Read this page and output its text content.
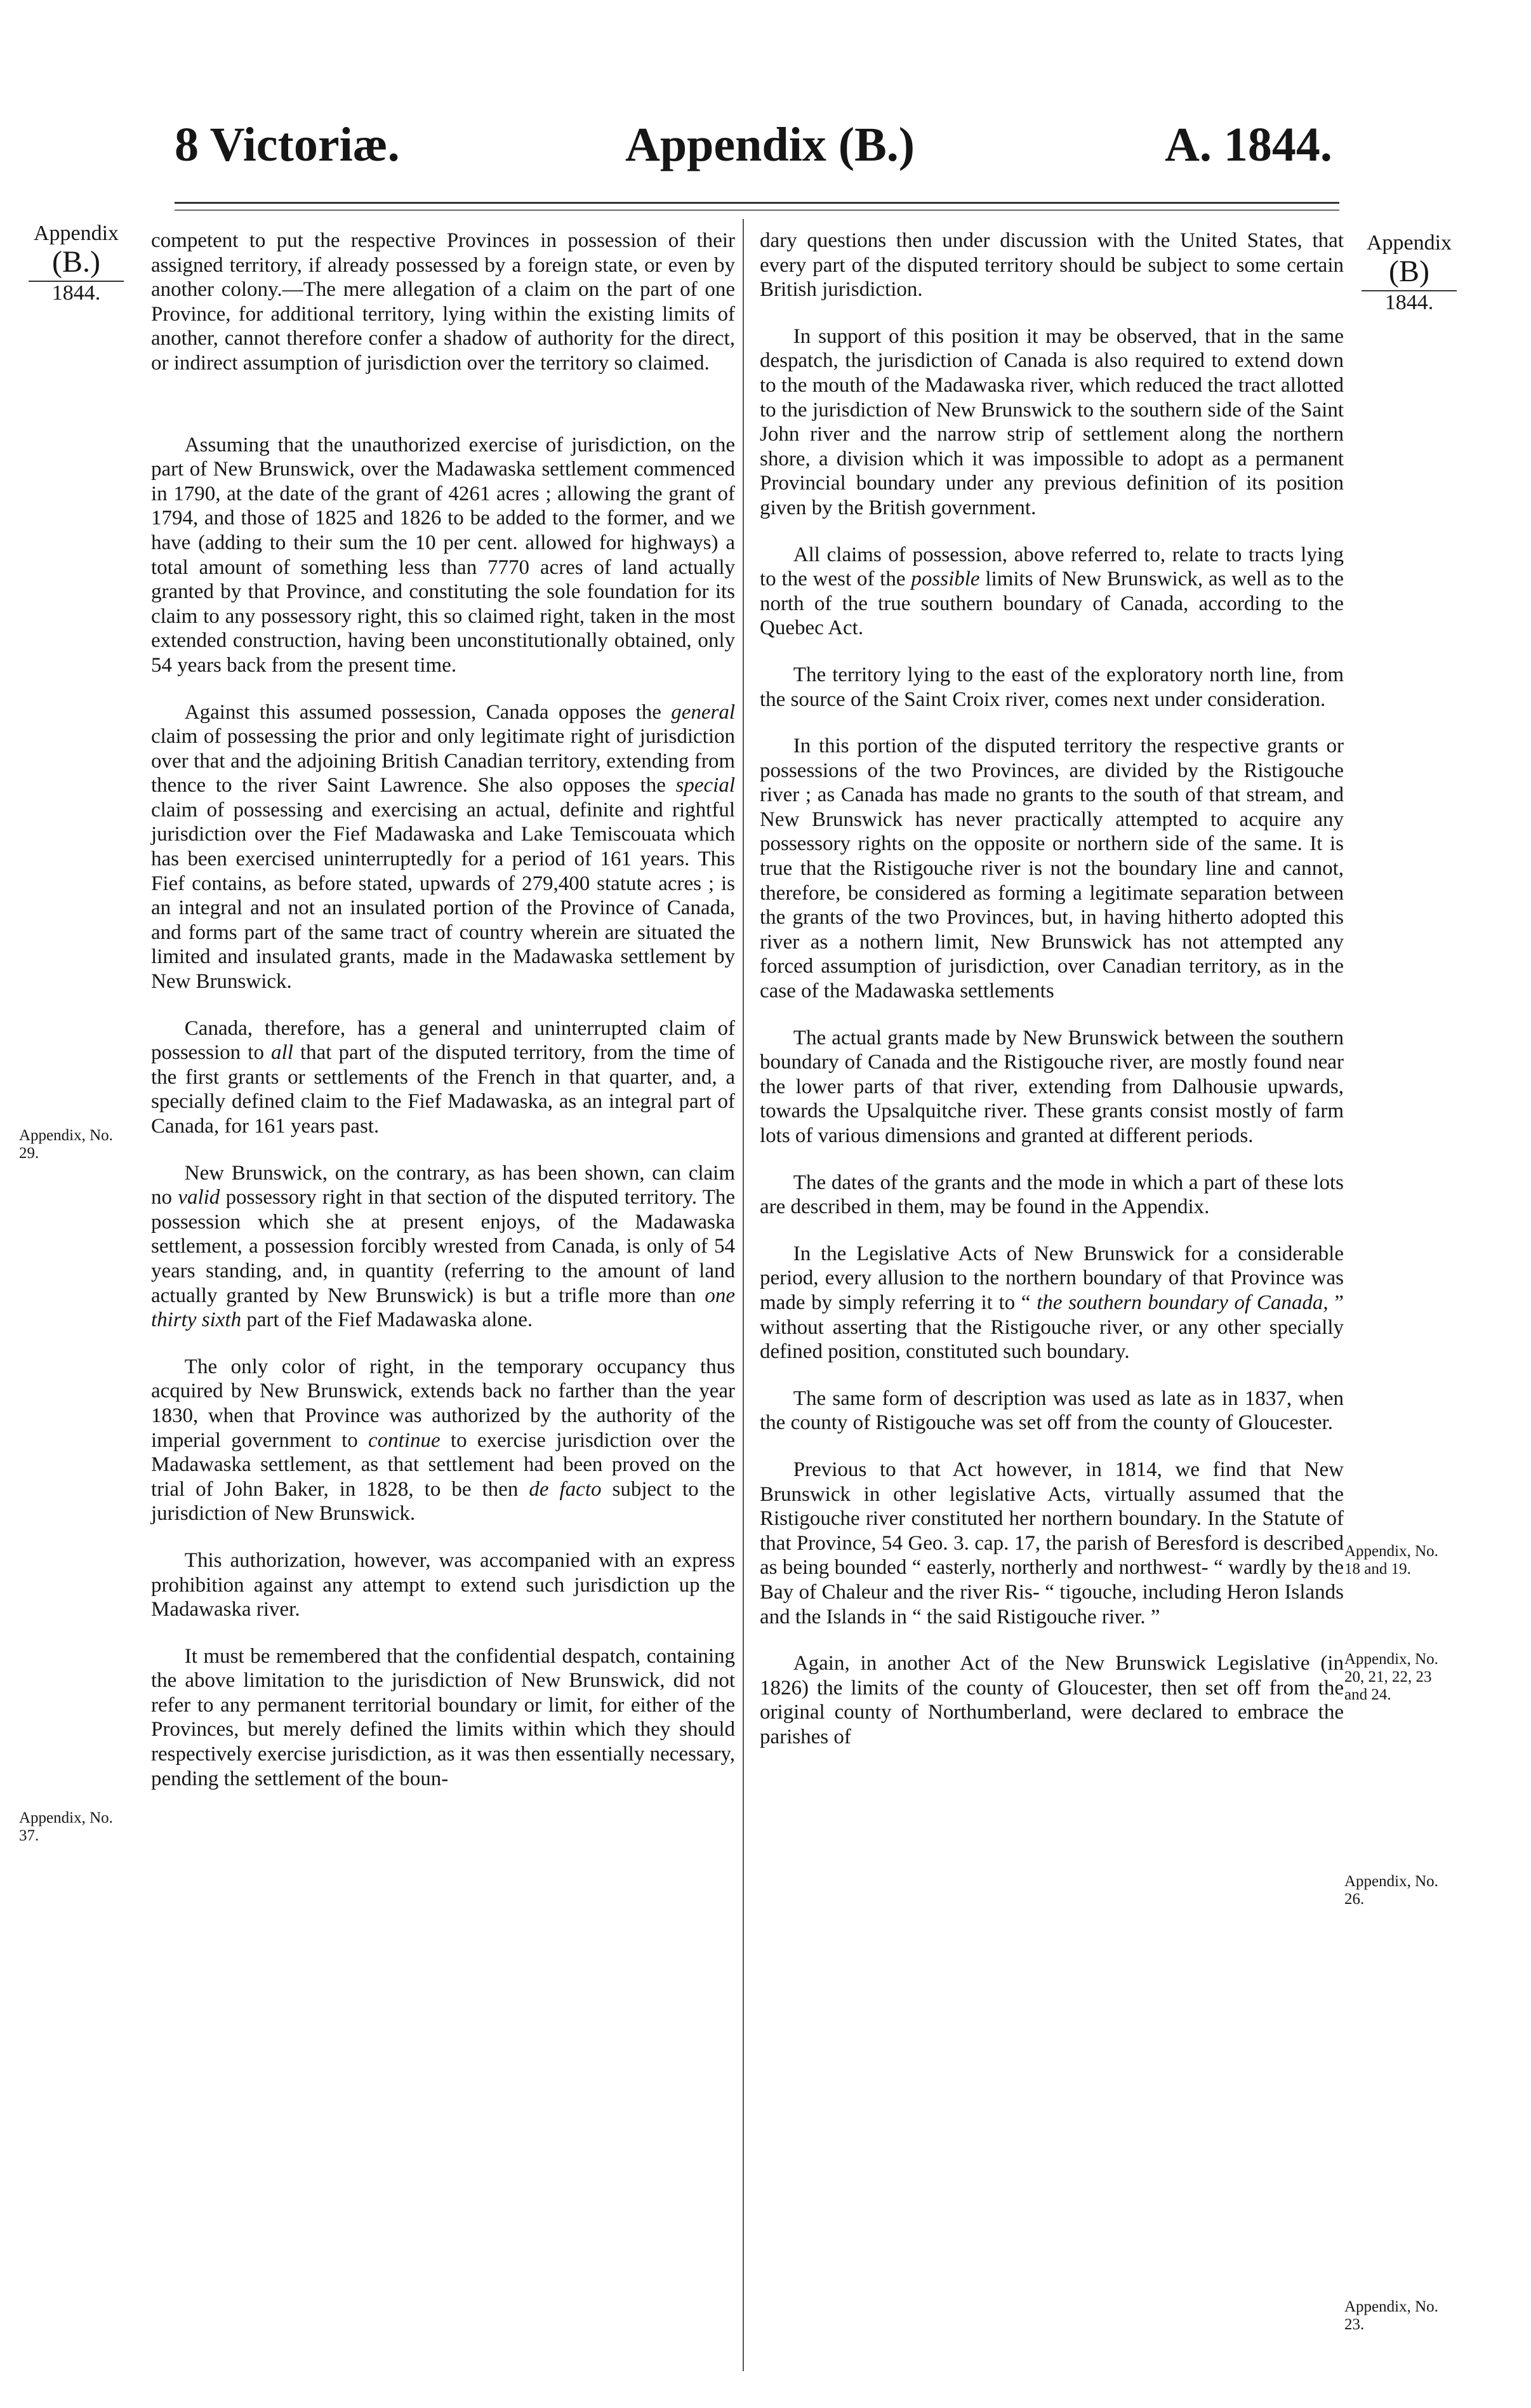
8 Victoriæ.	Appendix (B.)	A. 1844.
Appendix
(B.)
1844.
Appendix
(B)
1844.
Appendix, No.
29.
Appendix, No.
37.
Appendix, No.
18 and 19.
Appendix, No.
20, 21, 22, 23
and 24.
Appendix, No.
26.
Appendix, No.
23.

competent to put the respective Provinces in possession of their assigned territory, if already possessed by a foreign state, or even by another colony.—The mere allegation of a claim on the part of one Province, for additional territory, lying within the existing limits of another, cannot therefore confer a shadow of authority for the direct, or indirect assumption of jurisdiction over the territory so claimed.

Assuming that the unauthorized exercise of jurisdiction, on the part of New Brunswick, over the Madawaska settlement commenced in 1790, at the date of the grant of 4261 acres ; allowing the grant of 1794, and those of 1825 and 1826 to be added to the former, and we have (adding to their sum the 10 per cent. allowed for highways) a total amount of something less than 7770 acres of land actually granted by that Province, and constituting the sole foundation for its claim to any possessory right, this so claimed right, taken in the most extended construction, having been unconstitutionally obtained, only 54 years back from the present time.

Against this assumed possession, Canada opposes the general claim of possessing the prior and only legitimate right of jurisdiction over that and the adjoining British Canadian territory, extending from thence to the river Saint Lawrence. She also opposes the special claim of possessing and exercising an actual, definite and rightful jurisdiction over the Fief Madawaska and Lake Temiscouata which has been exercised uninterruptedly for a period of 161 years. This Fief contains, as before stated, upwards of 279,400 statute acres ; is an integral and not an insulated portion of the Province of Canada, and forms part of the same tract of country wherein are situated the limited and insulated grants, made in the Madawaska settlement by New Brunswick.

Canada, therefore, has a general and uninterrupted claim of possession to all that part of the disputed territory, from the time of the first grants or settlements of the French in that quarter, and, a specially defined claim to the Fief Madawaska, as an integral part of Canada, for 161 years past.

New Brunswick, on the contrary, as has been shown, can claim no valid possessory right in that section of the disputed territory. The possession which she at present enjoys, of the Madawaska settlement, a possession forcibly wrested from Canada, is only of 54 years standing, and, in quantity (referring to the amount of land actually granted by New Brunswick) is but a trifle more than one thirty sixth part of the Fief Madawaska alone.

The only color of right, in the temporary occupancy thus acquired by New Brunswick, extends back no farther than the year 1830, when that Province was authorized by the authority of the imperial government to continue to exercise jurisdiction over the Madawaska settlement, as that settlement had been proved on the trial of John Baker, in 1828, to be then de facto subject to the jurisdiction of New Brunswick.

This authorization, however, was accompanied with an express prohibition against any attempt to extend such jurisdiction up the Madawaska river.

It must be remembered that the confidential despatch, containing the above limitation to the jurisdiction of New Brunswick, did not refer to any permanent territorial boundary or limit, for either of the Provinces, but merely defined the limits within which they should respectively exercise jurisdiction, as it was then essentially necessary, pending the settlement of the boun-

dary questions then under discussion with the United States, that every part of the disputed territory should be subject to some certain British jurisdiction.

In support of this position it may be observed, that in the same despatch, the jurisdiction of Canada is also required to extend down to the mouth of the Madawaska river, which reduced the tract allotted to the jurisdiction of New Brunswick to the southern side of the Saint John river and the narrow strip of settlement along the northern shore, a division which it was impossible to adopt as a permanent Provincial boundary under any previous definition of its position given by the British government.

All claims of possession, above referred to, relate to tracts lying to the west of the possible limits of New Brunswick, as well as to the north of the true southern boundary of Canada, according to the Quebec Act.

The territory lying to the east of the exploratory north line, from the source of the Saint Croix river, comes next under consideration.

In this portion of the disputed territory the respective grants or possessions of the two Provinces, are divided by the Ristigouche river ; as Canada has made no grants to the south of that stream, and New Brunswick has never practically attempted to acquire any possessory rights on the opposite or northern side of the same. It is true that the Ristigouche river is not the boundary line and cannot, therefore, be considered as forming a legitimate separation between the grants of the two Provinces, but, in having hitherto adopted this river as a nothern limit, New Brunswick has not attempted any forced assumption of jurisdiction, over Canadian territory, as in the case of the Madawaska settlements

The actual grants made by New Brunswick between the southern boundary of Canada and the Ristigouche river, are mostly found near the lower parts of that river, extending from Dalhousie upwards, towards the Upsalquitche river. These grants consist mostly of farm lots of various dimensions and granted at different periods.

The dates of the grants and the mode in which a part of these lots are described in them, may be found in the Appendix.

In the Legislative Acts of New Brunswick for a considerable period, every allusion to the northern boundary of that Province was made by simply referring it to “ the southern boundary of Canada, ” without asserting that the Ristigouche river, or any other specially defined position, constituted such boundary.

The same form of description was used as late as in 1837, when the county of Ristigouche was set off from the county of Gloucester.

Previous to that Act however, in 1814, we find that New Brunswick in other legislative Acts, virtually assumed that the Ristigouche river constituted her northern boundary. In the Statute of that Province, 54 Geo. 3. cap. 17, the parish of Beresford is described as being bounded “ easterly, northerly and northwest- “ wardly by the Bay of Chaleur and the river Ris- “ tigouche, including Heron Islands and the Islands in “ the said Ristigouche river. ”

Again, in another Act of the New Brunswick Legislative (in 1826) the limits of the county of Gloucester, then set off from the original county of Northumberland, were declared to embrace the parishes of
